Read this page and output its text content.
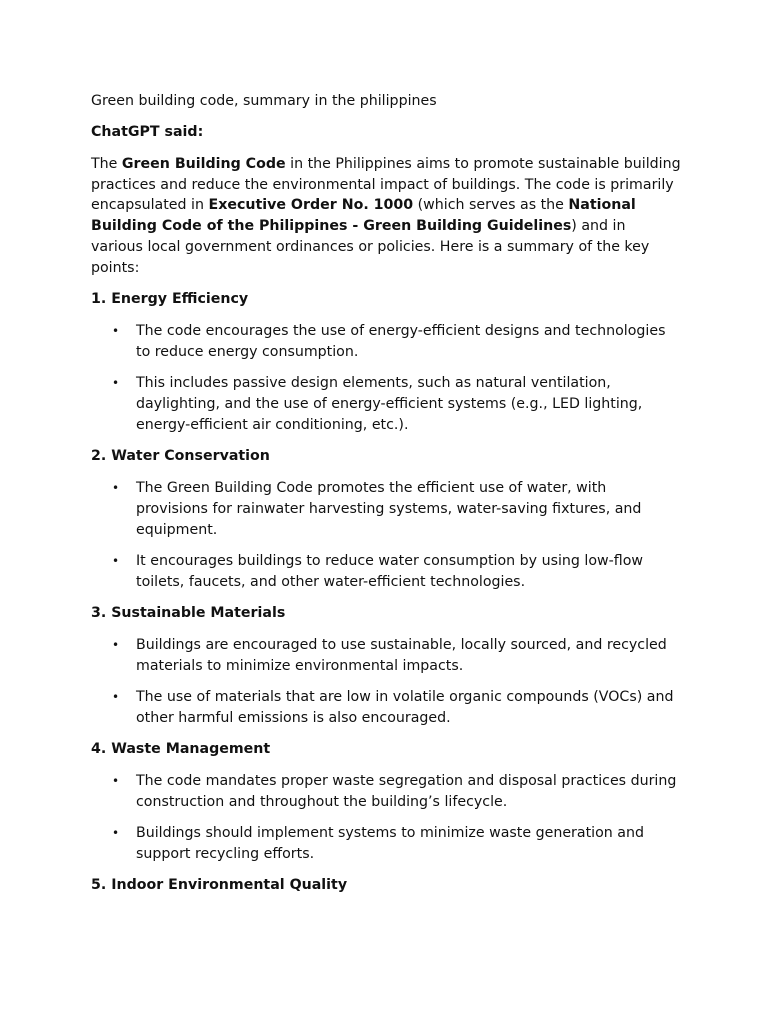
Green building code, summary in the philippines

ChatGPT said:

The Green Building Code in the Philippines aims to promote sustainable building practices and reduce the environmental impact of buildings. The code is primarily encapsulated in Executive Order No. 1000 (which serves as the National Building Code of the Philippines - Green Building Guidelines) and in various local government ordinances or policies. Here is a summary of the key points:

1. Energy Efficiency

• The code encourages the use of energy-efficient designs and technologies to reduce energy consumption.
• This includes passive design elements, such as natural ventilation, daylighting, and the use of energy-efficient systems (e.g., LED lighting, energy-efficient air conditioning, etc.).

2. Water Conservation

• The Green Building Code promotes the efficient use of water, with provisions for rainwater harvesting systems, water-saving fixtures, and equipment.
• It encourages buildings to reduce water consumption by using low-flow toilets, faucets, and other water-efficient technologies.

3. Sustainable Materials

• Buildings are encouraged to use sustainable, locally sourced, and recycled materials to minimize environmental impacts.
• The use of materials that are low in volatile organic compounds (VOCs) and other harmful emissions is also encouraged.

4. Waste Management

• The code mandates proper waste segregation and disposal practices during construction and throughout the building’s lifecycle.
• Buildings should implement systems to minimize waste generation and support recycling efforts.

5. Indoor Environmental Quality
